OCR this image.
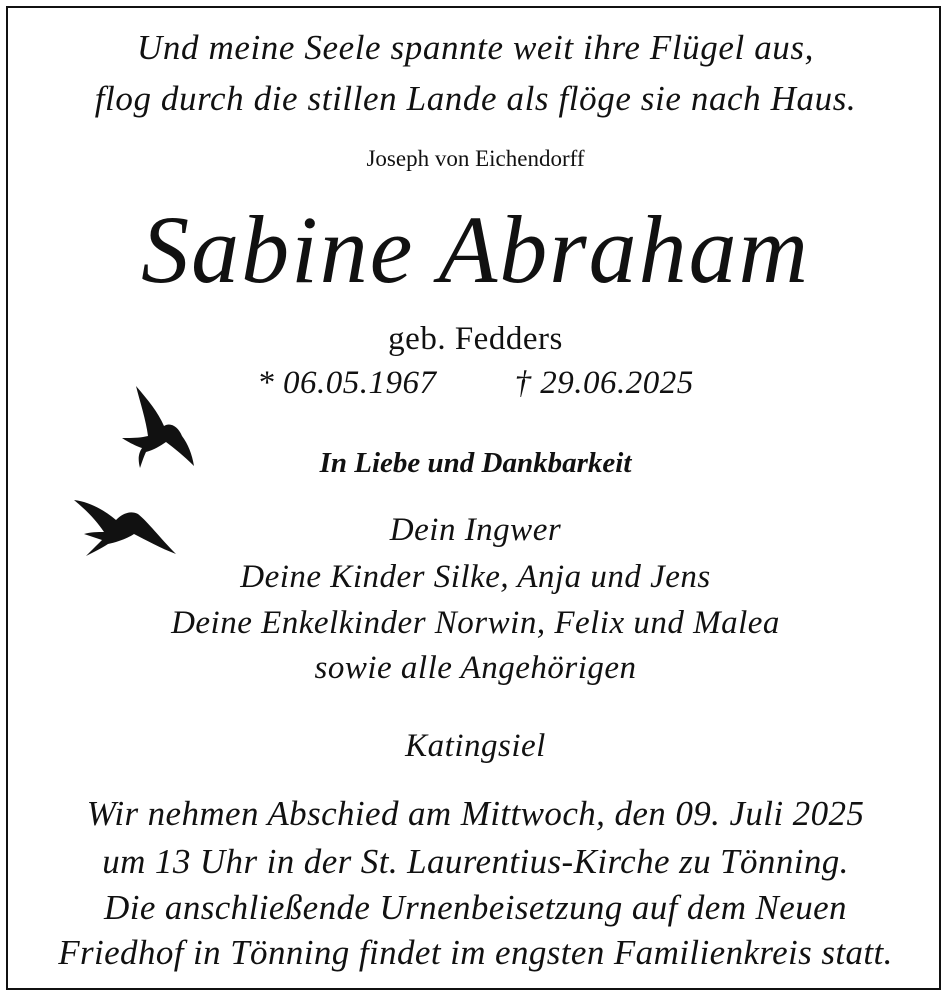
Und meine Seele spannte weit ihre Flügel aus,
flog durch die stillen Lande als flöge sie nach Haus.
Joseph von Eichendorff
Sabine Abraham
geb. Fedders
* 06.05.1967 † 29.06.2025
In Liebe und Dankbarkeit
Dein Ingwer
Deine Kinder Silke, Anja und Jens
Deine Enkelkinder Norwin, Felix und Malea
sowie alle Angehörigen
Katingsiel
Wir nehmen Abschied am Mittwoch, den 09. Juli 2025
um 13 Uhr in der St. Laurentius-Kirche zu Tönning.
Die anschließende Urnenbeisetzung auf dem Neuen
Friedhof in Tönning findet im engsten Familienkreis statt.
